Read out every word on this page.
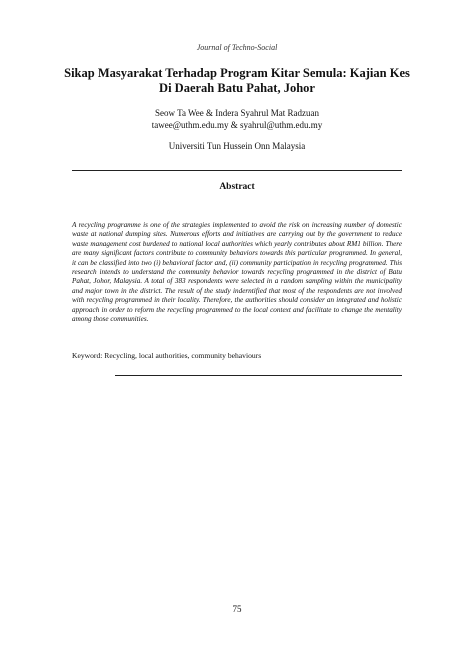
Journal of Techno-Social
Sikap Masyarakat Terhadap Program Kitar Semula: Kajian Kes
Di Daerah Batu Pahat, Johor
Seow Ta Wee & Indera Syahrul Mat Radzuan
tawee@uthm.edu.my & syahrul@uthm.edu.my
Universiti Tun Hussein Onn Malaysia
Abstract
A recycling programme is one of the strategies implemented to avoid the risk on increasing number of domestic waste at national dumping sites. Numerous efforts and initiatives are carrying out by the government to reduce waste management cost burdened to national local authorities which yearly contributes about RM1 billion. There are many significant factors contribute to community behaviors towards this particular programmed. In general, it can be classified into two (i) behavioral factor and, (ii) community participation in recycling programmed. This research intends to understand the community behavior towards recycling programmed in the district of Batu Pahat, Johor, Malaysia. A total of 383 respondents were selected in a random sampling within the municipality and major town in the district. The result of the study inderntified that most of the respondents are not involved with recycling programmed in their locality. Therefore, the authorities should consider an integrated and holistic approach in order to reform the recycling programmed to the local context and facilitate to change the mentality among those communities.
Keyword: Recycling, local authorities, community behaviours
75
